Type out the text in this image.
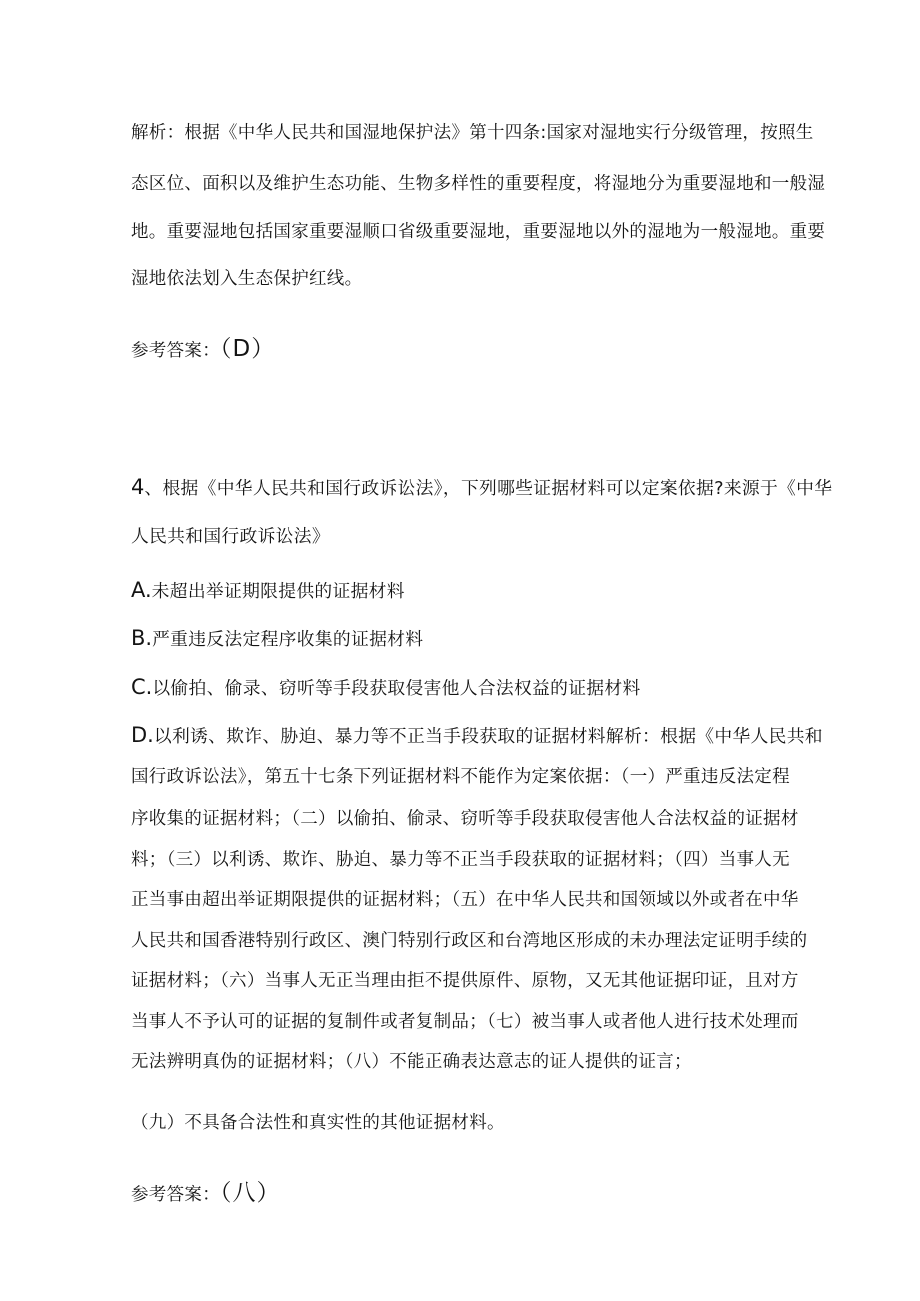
解析：根据《中华人民共和国湿地保护法》第十四条:国家对湿地实行分级管理，按照生
态区位、面积以及维护生态功能、生物多样性的重要程度，将湿地分为重要湿地和一般湿
地。重要湿地包括国家重要湿顺口省级重要湿地，重要湿地以外的湿地为一般湿地。重要
湿地依法划入生态保护红线。
参考答案：（D）
4、根据《中华人民共和国行政诉讼法》，下列哪些证据材料可以定案依据?来源于《中华
人民共和国行政诉讼法》
A.未超出举证期限提供的证据材料
B.严重违反法定程序收集的证据材料
C.以偷拍、偷录、窃听等手段获取侵害他人合法权益的证据材料
D.以利诱、欺诈、胁迫、暴力等不正当手段获取的证据材料解析：根据《中华人民共和
国行政诉讼法》，第五十七条下列证据材料不能作为定案依据：（一）严重违反法定程
序收集的证据材料；（二）以偷拍、偷录、窃听等手段获取侵害他人合法权益的证据材
料；（三）以利诱、欺诈、胁迫、暴力等不正当手段获取的证据材料；（四）当事人无
正当事由超出举证期限提供的证据材料；（五）在中华人民共和国领域以外或者在中华
人民共和国香港特别行政区、澳门特别行政区和台湾地区形成的未办理法定证明手续的
证据材料；（六）当事人无正当理由拒不提供原件、原物，又无其他证据印证，且对方
当事人不予认可的证据的复制件或者复制品；（七）被当事人或者他人进行技术处理而
无法辨明真伪的证据材料；（八）不能正确表达意志的证人提供的证言；
（九）不具备合法性和真实性的其他证据材料。
参考答案：（八）
